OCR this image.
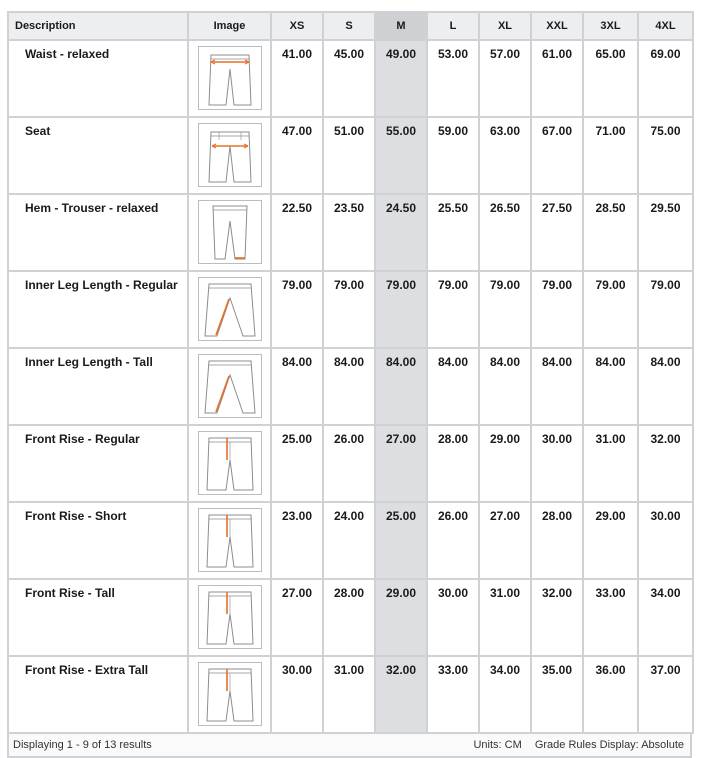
Description	Image	XS	S	M	L	XL	XXL	3XL	4XL
Waist - relaxed		41.00	45.00	49.00	53.00	57.00	61.00	65.00	69.00
Seat		47.00	51.00	55.00	59.00	63.00	67.00	71.00	75.00
Hem - Trouser - relaxed		22.50	23.50	24.50	25.50	26.50	27.50	28.50	29.50
Inner Leg Length - Regular		79.00	79.00	79.00	79.00	79.00	79.00	79.00	79.00
Inner Leg Length - Tall		84.00	84.00	84.00	84.00	84.00	84.00	84.00	84.00
Front Rise - Regular		25.00	26.00	27.00	28.00	29.00	30.00	31.00	32.00
Front Rise - Short		23.00	24.00	25.00	26.00	27.00	28.00	29.00	30.00
Front Rise - Tall		27.00	28.00	29.00	30.00	31.00	32.00	33.00	34.00
Front Rise - Extra Tall		30.00	31.00	32.00	33.00	34.00	35.00	36.00	37.00
Displaying 1 - 9 of 13 results	Units: CM Grade Rules Display: Absolute
